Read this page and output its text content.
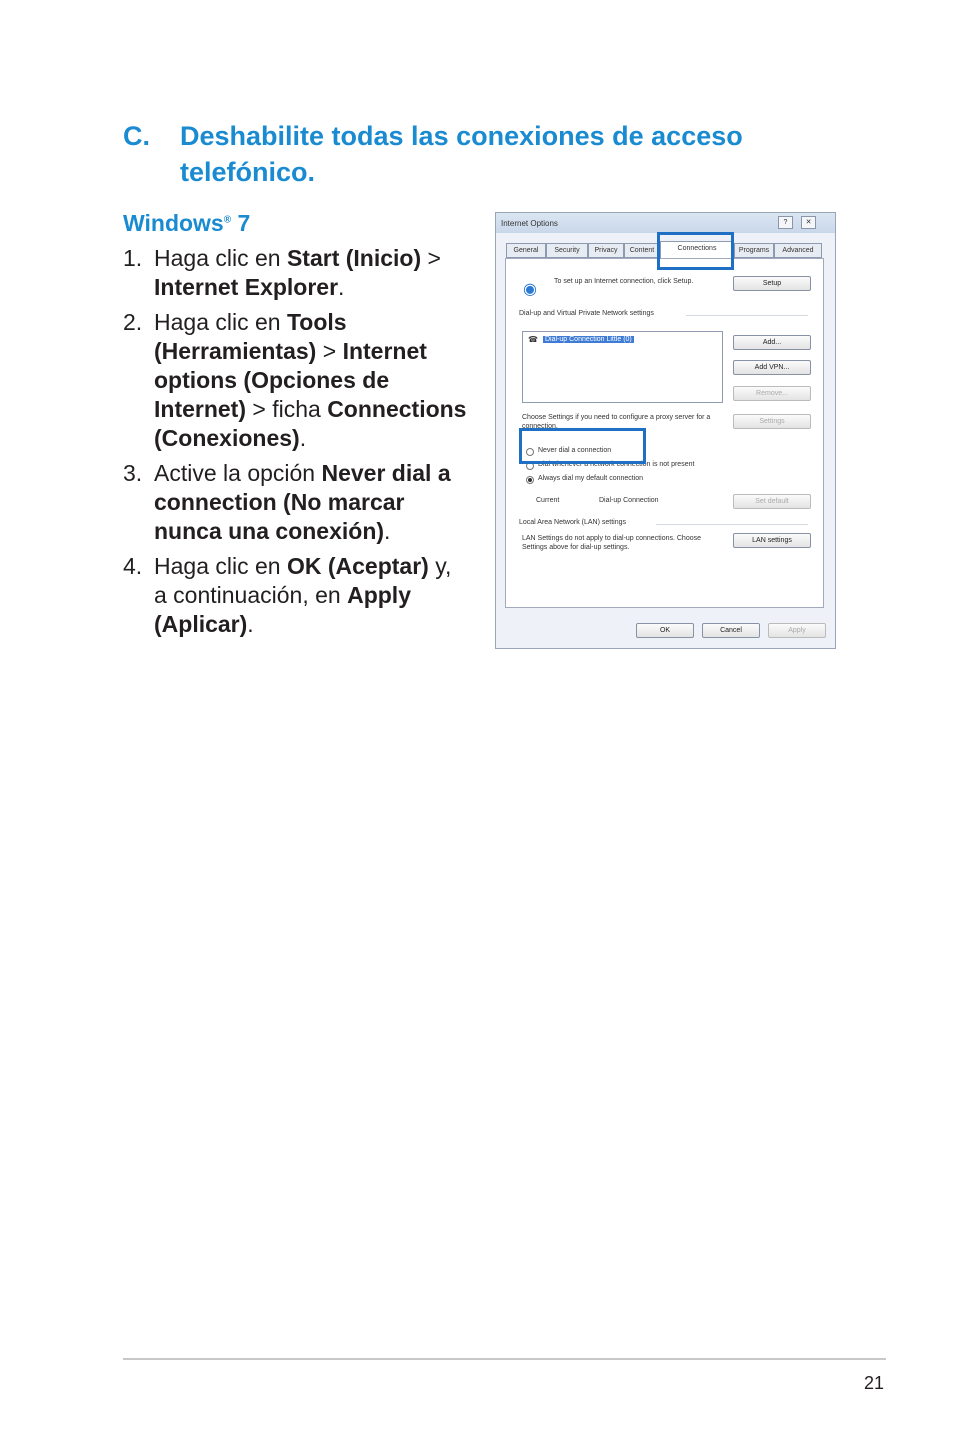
C. Deshabilite todas las conexiones de acceso telefónico.
Windows® 7
1. Haga clic en Start (Inicio) > Internet Explorer.
2. Haga clic en Tools (Herramientas) > Internet options (Opciones de Internet) > ficha Connections (Conexiones).
3. Active la opción Never dial a connection (No marcar nunca una conexión).
4. Haga clic en OK (Aceptar) y, a continuación, en Apply (Aplicar).
Internet Options	?	✕
General	Security	Privacy	Content	Connections	Programs	Advanced
◉ To set up an Internet connection, click Setup.	Setup
Dial-up and Virtual Private Network settings
☎ Dial-up Connection Little (0)	Add...
Add VPN...
Remove...
Choose Settings if you need to configure a proxy server for a connection.
Settings
Never dial a connection
Dial whenever a network connection is not present
Always dial my default connection
Current	Dial-up Connection	Set default
Local Area Network (LAN) settings
LAN Settings do not apply to dial-up connections. Choose Settings above for dial-up settings.
LAN settings
OK	Cancel	Apply
21
